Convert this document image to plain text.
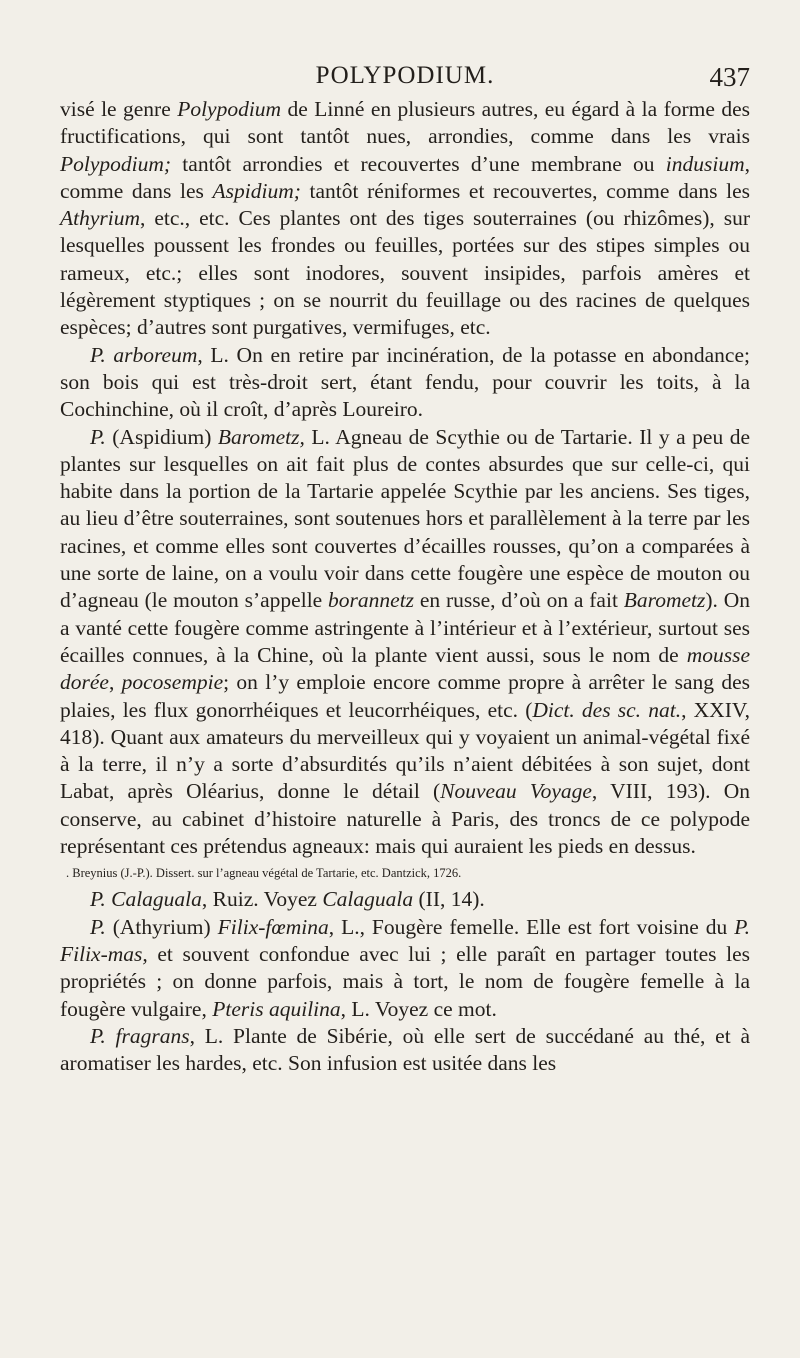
POLYPODIUM.	437

visé le genre Polypodium de Linné en plusieurs autres, eu égard à la forme des fructifications, qui sont tantôt nues, arrondies, comme dans les vrais Polypodium; tantôt arrondies et recouvertes d’une membrane ou indusium, comme dans les Aspidium; tantôt réniformes et recouvertes, comme dans les Athyrium, etc., etc. Ces plantes ont des tiges souterraines (ou rhizômes), sur lesquelles poussent les frondes ou feuilles, portées sur des stipes simples ou rameux, etc.; elles sont inodores, souvent insipides, parfois amères et légèrement styptiques ; on se nourrit du feuillage ou des racines de quelques espèces; d’autres sont purgatives, vermifuges, etc.

P. arboreum, L. On en retire par incinération, de la potasse en abondance; son bois qui est très-droit sert, étant fendu, pour couvrir les toits, à la Cochinchine, où il croît, d’après Loureiro.

P. (Aspidium) Barometz, L. Agneau de Scythie ou de Tartarie. Il y a peu de plantes sur lesquelles on ait fait plus de contes absurdes que sur celle-ci, qui habite dans la portion de la Tartarie appelée Scythie par les anciens. Ses tiges, au lieu d’être souterraines, sont soutenues hors et parallèlement à la terre par les racines, et comme elles sont couvertes d’écailles rousses, qu’on a comparées à une sorte de laine, on a voulu voir dans cette fougère une espèce de mouton ou d’agneau (le mouton s’appelle borannetz en russe, d’où on a fait Barometz). On a vanté cette fougère comme astringente à l’intérieur et à l’extérieur, surtout ses écailles connues, à la Chine, où la plante vient aussi, sous le nom de mousse dorée, pocosempie; on l’y emploie encore comme propre à arrêter le sang des plaies, les flux gonorrhéiques et leucorrhéiques, etc. (Dict. des sc. nat., XXIV, 418). Quant aux amateurs du merveilleux qui y voyaient un animal-végétal fixé à la terre, il n’y a sorte d’absurdités qu’ils n’aient débitées à son sujet, dont Labat, après Oléarius, donne le détail (Nouveau Voyage, VIII, 193). On conserve, au cabinet d’histoire naturelle à Paris, des troncs de ce polypode représentant ces prétendus agneaux: mais qui auraient les pieds en dessus.

. Breynius (J.-P.). Dissert. sur l’agneau végétal de Tartarie, etc. Dantzick, 1726.

P. Calaguala, Ruiz. Voyez Calaguala (II, 14).

P. (Athyrium) Filix-fœmina, L., Fougère femelle. Elle est fort voisine du P. Filix-mas, et souvent confondue avec lui ; elle paraît en partager toutes les propriétés ; on donne parfois, mais à tort, le nom de fougère femelle à la fougère vulgaire, Pteris aquilina, L. Voyez ce mot.

P. fragrans, L. Plante de Sibérie, où elle sert de succédané au thé, et à aromatiser les hardes, etc. Son infusion est usitée dans les
